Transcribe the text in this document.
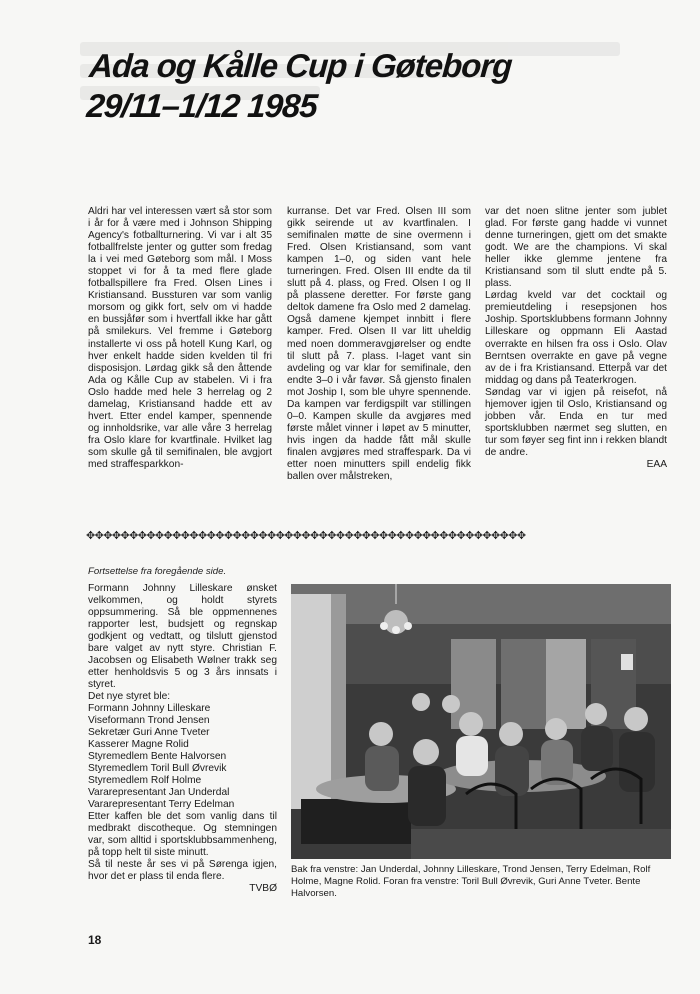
Ada og Kålle Cup i Gøteborg
29/11–1/12 1985

Aldri har vel interessen vært så stor som i år for å være med i Johnson Shipping Agency's fotballturnering. Vi var i alt 35 fotballfrelste jenter og gutter som fredag la i vei med Gøteborg som mål. I Moss stoppet vi for å ta med flere glade fotballspillere fra Fred. Olsen Lines i Kristiansand. Bussturen var som vanlig morsom og gikk fort, selv om vi hadde en bussjåfør som i hvertfall ikke har gått på smilekurs. Vel fremme i Gøteborg installerte vi oss på hotell Kung Karl, og hver enkelt hadde siden kvelden til fri disposisjon. Lørdag gikk så den åttende Ada og Kålle Cup av stabelen. Vi i fra Oslo hadde med hele 3 herrelag og 2 damelag, Kristiansand hadde ett av hvert. Etter endel kamper, spennende og innholdsrike, var alle våre 3 herrelag fra Oslo klare for kvartfinale. Hvilket lag som skulle gå til semifinalen, ble avgjort med straffesparkkon-

kurranse. Det var Fred. Olsen III som gikk seirende ut av kvartfinalen. I semifinalen møtte de sine overmenn i Fred. Olsen Kristiansand, som vant kampen 1–0, og siden vant hele turneringen. Fred. Olsen III endte da til slutt på 4. plass, og Fred. Olsen I og II på plassene deretter. For første gang deltok damene fra Oslo med 2 damelag. Også damene kjempet innbitt i flere kamper. Fred. Olsen II var litt uheldig med noen dommeravgjørelser og endte til slutt på 7. plass. I-laget vant sin avdeling og var klar for semifinale, den endte 3–0 i vår favør. Så gjensto finalen mot Joship I, som ble uhyre spennende. Da kampen var ferdigspilt var stillingen 0–0. Kampen skulle da avgjøres med første målet vinner i løpet av 5 minutter, hvis ingen da hadde fått mål skulle finalen avgjøres med straffespark. Da vi etter noen minutters spill endelig fikk ballen over målstreken,

var det noen slitne jenter som jublet glad. For første gang hadde vi vunnet denne turneringen, gjett om det smakte godt. We are the champions. Vi skal heller ikke glemme jentene fra Kristiansand som til slutt endte på 5. plass.

Lørdag kveld var det cocktail og premieutdeling i resepsjonen hos Joship. Sportsklubbens formann Johnny Lilleskare og oppmann Eli Aastad overrakte en hilsen fra oss i Oslo. Olav Berntsen overrakte en gave på vegne av de i fra Kristiansand. Etterpå var det middag og dans på Teaterkrogen.

Søndag var vi igjen på reisefot, nå hjemover igjen til Oslo, Kristiansand og jobben vår. Enda en tur med sportsklubben nærmet seg slutten, en tur som føyer seg fint inn i rekken blandt de andre.

EAA

✥✥✥✥✥✥✥✥✥✥✥✥✥✥✥✥✥✥✥✥✥✥✥✥✥✥✥✥✥✥✥✥✥✥✥✥✥✥✥✥✥✥✥✥✥✥✥✥✥✥✥
Fortsettelse fra foregående side.

Formann Johnny Lilleskare ønsket velkommen, og holdt styrets oppsummering. Så ble oppmennenes rapporter lest, budsjett og regnskap godkjent og vedtatt, og tilslutt gjenstod bare valget av nytt styre. Christian F. Jacobsen og Elisabeth Wølner trakk seg etter henholdsvis 5 og 3 års innsats i styret.

Det nye styret ble:

Formann Johnny Lilleskare
Viseformann Trond Jensen
Sekretær Guri Anne Tveter
Kasserer Magne Rolid
Styremedlem Bente Halvorsen
Styremedlem Toril Bull Øvrevik
Styremedlem Rolf Holme
Vararepresentant Jan Underdal
Vararepresentant Terry Edelman

Etter kaffen ble det som vanlig dans til medbrakt discotheque. Og stemningen var, som alltid i sportsklubbsammenheng, på topp helt til siste minutt.

Så til neste år ses vi på Sørenga igjen, hvor det er plass til enda flere.

TVBØ

Bak fra venstre: Jan Underdal, Johnny Lilleskare, Trond Jensen, Terry Edelman, Rolf Holme, Magne Rolid. Foran fra venstre: Toril Bull Øvrevik, Guri Anne Tveter. Bente Halvorsen.
18
